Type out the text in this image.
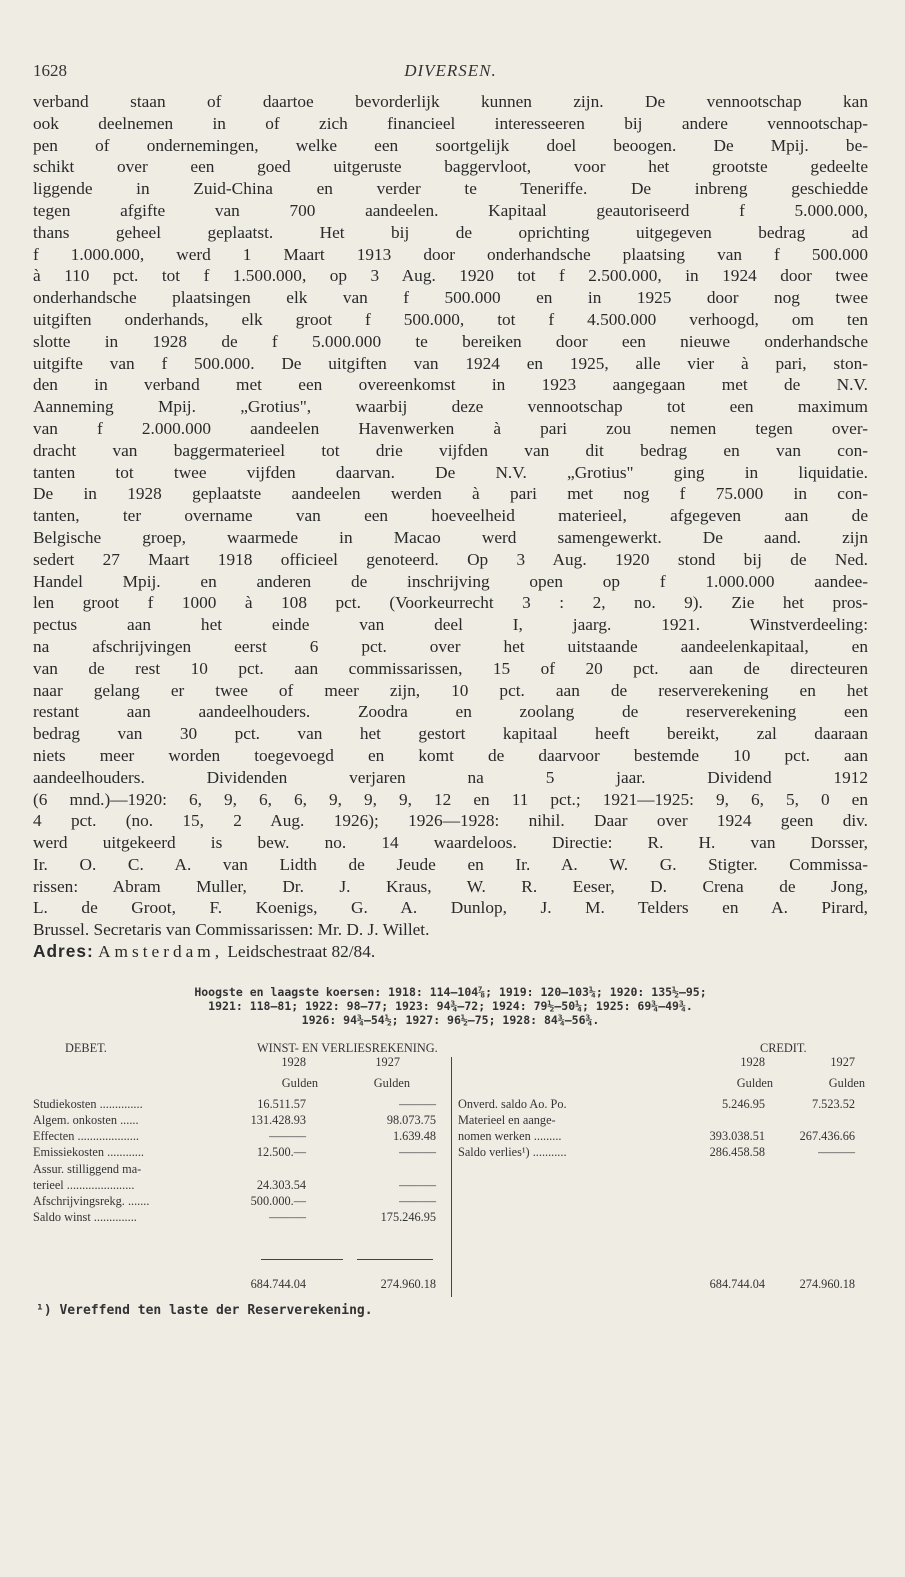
1628	DIVERSEN.
verband staan of daartoe bevorderlijk kunnen zijn. De vennootschap kan
ook deelnemen in of zich financieel interesseeren bij andere vennootschap-
pen of ondernemingen, welke een soortgelijk doel beoogen. De Mpij. be-
schikt over een goed uitgeruste baggervloot, voor het grootste gedeelte
liggende in Zuid-China en verder te Teneriffe. De inbreng geschiedde
tegen afgifte van 700 aandeelen. Kapitaal geautoriseerd f 5.000.000,
thans geheel geplaatst. Het bij de oprichting uitgegeven bedrag ad
f 1.000.000, werd 1 Maart 1913 door onderhandsche plaatsing van f 500.000
à 110 pct. tot f 1.500.000, op 3 Aug. 1920 tot f 2.500.000, in 1924 door twee
onderhandsche plaatsingen elk van f 500.000 en in 1925 door nog twee
uitgiften onderhands, elk groot f 500.000, tot f 4.500.000 verhoogd, om ten
slotte in 1928 de f 5.000.000 te bereiken door een nieuwe onderhandsche
uitgifte van f 500.000. De uitgiften van 1924 en 1925, alle vier à pari, ston-
den in verband met een overeenkomst in 1923 aangegaan met de N.V.
Aanneming Mpij. „Grotius", waarbij deze vennootschap tot een maximum
van f 2.000.000 aandeelen Havenwerken à pari zou nemen tegen over-
dracht van baggermaterieel tot drie vijfden van dit bedrag en van con-
tanten tot twee vijfden daarvan. De N.V. „Grotius" ging in liquidatie.
De in 1928 geplaatste aandeelen werden à pari met nog f 75.000 in con-
tanten, ter overname van een hoeveelheid materieel, afgegeven aan de
Belgische groep, waarmede in Macao werd samengewerkt. De aand. zijn
sedert 27 Maart 1918 officieel genoteerd. Op 3 Aug. 1920 stond bij de Ned.
Handel Mpij. en anderen de inschrijving open op f 1.000.000 aandee-
len groot f 1000 à 108 pct. (Voorkeurrecht 3 : 2, no. 9). Zie het pros-
pectus aan het einde van deel I, jaarg. 1921. Winstverdeeling:
na afschrijvingen eerst 6 pct. over het uitstaande aandeelenkapitaal, en
van de rest 10 pct. aan commissarissen, 15 of 20 pct. aan de directeuren
naar gelang er twee of meer zijn, 10 pct. aan de reserverekening en het
restant aan aandeelhouders. Zoodra en zoolang de reserverekening een
bedrag van 30 pct. van het gestort kapitaal heeft bereikt, zal daaraan
niets meer worden toegevoegd en komt de daarvoor bestemde 10 pct. aan
aandeelhouders. Dividenden verjaren na 5 jaar. Dividend 1912
(6 mnd.)—1920: 6, 9, 6, 6, 9, 9, 9, 12 en 11 pct.; 1921—1925: 9, 6, 5, 0 en
4 pct. (no. 15, 2 Aug. 1926); 1926—1928: nihil. Daar over 1924 geen div.
werd uitgekeerd is bew. no. 14 waardeloos. Directie: R. H. van Dorsser,
Ir. O. C. A. van Lidth de Jeude en Ir. A. W. G. Stigter. Commissa-
rissen: Abram Muller, Dr. J. Kraus, W. R. Eeser, D. Crena de Jong,
L. de Groot, F. Koenigs, G. A. Dunlop, J. M. Telders en A. Pirard,
Brussel. Secretaris van Commissarissen: Mr. D. J. Willet.
Adres: Amsterdam, Leidschestraat 82/84.
Hoogste en laagste koersen: 1918: 114—104⅞; 1919: 120—103¼; 1920: 135½—95;
1921: 118—81; 1922: 98—77; 1923: 94¾—72; 1924: 79½—50¼; 1925: 69¾—49¾.
1926: 94¾—54½; 1927: 96½—75; 1928: 84¾—56¾.
DEBET.	WINST- EN VERLIESREKENING.	CREDIT.
1928	1927	1928	1927
Gulden	Gulden	Gulden	Gulden
Studiekosten ..............	16.511.57	———
Algem. onkosten ......	131.428.93	98.073.75
Effecten ....................	———	1.639.48
Emissiekosten ............	12.500.—	———
Assur. stilliggend ma-
terieel ......................	24.303.54	———
Afschrijvingsrekg. .......	500.000.—	———
Saldo winst ..............	———	175.246.95
Onverd. saldo Ao. Po.	5.246.95	7.523.52
Materieel en aange-
nomen werken .........	393.038.51	267.436.66
Saldo verlies¹) ...........	286.458.58	———
684.744.04	274.960.18	684.744.04	274.960.18
¹) Vereffend ten laste der Reserverekening.
